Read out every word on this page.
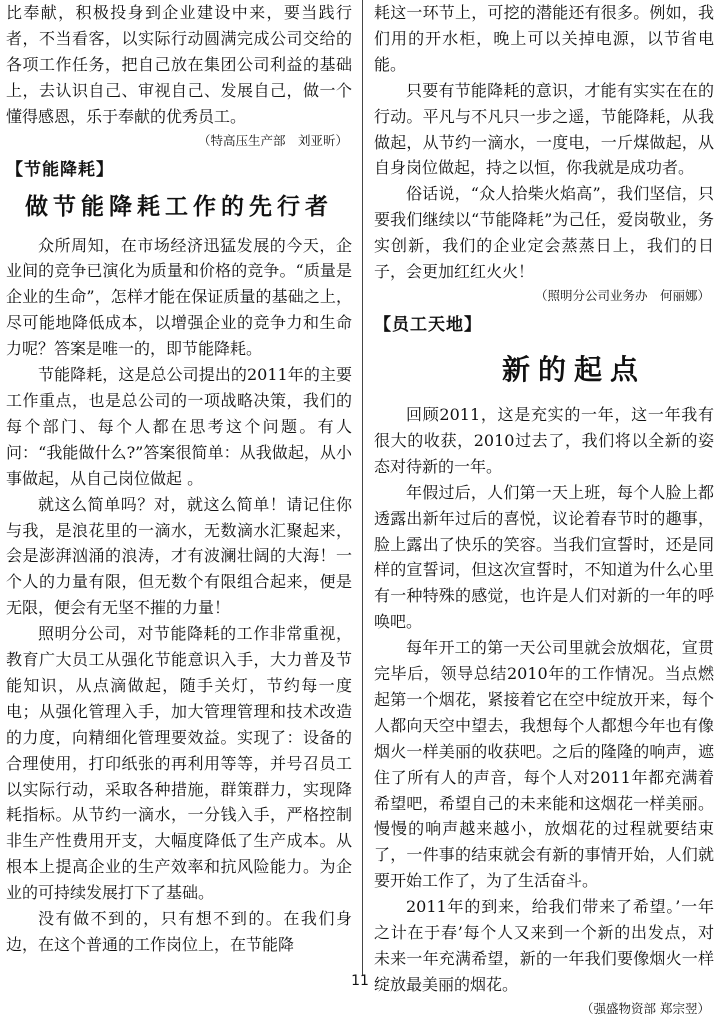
比奉献，积极投身到企业建设中来，要当践行者，不当看客，以实际行动圆满完成公司交给的各项工作任务，把自己放在集团公司利益的基础上，去认识自己、审视自己、发展自己，做一个懂得感恩，乐于奉献的优秀员工。

（特高压生产部　刘亚昕）

【节能降耗】
做节能降耗工作的先行者

众所周知，在市场经济迅猛发展的今天，企业间的竞争已演化为质量和价格的竞争。“质量是企业的生命”，怎样才能在保证质量的基础之上，尽可能地降低成本，以增强企业的竞争力和生命力呢？答案是唯一的，即节能降耗。

节能降耗，这是总公司提出的2011年的主要工作重点，也是总公司的一项战略决策，我们的每个部门、每个人都在思考这个问题。有人问：“我能做什么?”答案很简单：从我做起，从小事做起，从自己岗位做起 。

就这么简单吗？对，就这么简单！请记住你与我，是浪花里的一滴水，无数滴水汇聚起来，会是澎湃汹涌的浪涛，才有波澜壮阔的大海！一个人的力量有限，但无数个有限组合起来，便是无限，便会有无坚不摧的力量！

照明分公司，对节能降耗的工作非常重视，教育广大员工从强化节能意识入手，大力普及节能知识，从点滴做起，随手关灯，节约每一度电；从强化管理入手，加大管理管理和技术改造的力度，向精细化管理要效益。实现了：设备的合理使用，打印纸张的再利用等等，并号召员工以实际行动，采取各种措施，群策群力，实现降耗指标。从节约一滴水，一分钱入手，严格控制非生产性费用开支，大幅度降低了生产成本。从根本上提高企业的生产效率和抗风险能力。为企业的可持续发展打下了基础。

没有做不到的，只有想不到的。在我们身边，在这个普通的工作岗位上，在节能降

耗这一环节上，可挖的潜能还有很多。例如，我们用的开水柜，晚上可以关掉电源，以节省电能。

只要有节能降耗的意识，才能有实实在在的行动。平凡与不凡只一步之遥，节能降耗，从我做起，从节约一滴水，一度电，一斤煤做起，从自身岗位做起，持之以恒，你我就是成功者。

俗话说，“众人拾柴火焰高”，我们坚信，只要我们继续以“节能降耗”为己任，爱岗敬业，务实创新，我们的企业定会蒸蒸日上，我们的日子，会更加红红火火！

（照明分公司业务办　何丽娜）

【员工天地】
新的起点

回顾2011，这是充实的一年，这一年我有很大的收获，2010过去了，我们将以全新的姿态对待新的一年。

年假过后，人们第一天上班，每个人脸上都透露出新年过后的喜悦，议论着春节时的趣事，脸上露出了快乐的笑容。当我们宣誓时，还是同样的宣誓词，但这次宣誓时，不知道为什么心里有一种特殊的感觉，也许是人们对新的一年的呼唤吧。

每年开工的第一天公司里就会放烟花，宣贯完毕后，领导总结2010年的工作情况。当点燃起第一个烟花，紧接着它在空中绽放开来，每个人都向天空中望去，我想每个人都想今年也有像烟火一样美丽的收获吧。之后的隆隆的响声，遮住了所有人的声音，每个人对2011年都充满着希望吧，希望自己的未来能和这烟花一样美丽。慢慢的响声越来越小，放烟花的过程就要结束了，一件事的结束就会有新的事情开始，人们就要开始工作了，为了生活奋斗。

2011年的到来，给我们带来了希望。’一年之计在于春’每个人又来到一个新的出发点，对未来一年充满希望，新的一年我们要像烟火一样绽放最美丽的烟花。

（强盛物资部 郑宗翌）

11
